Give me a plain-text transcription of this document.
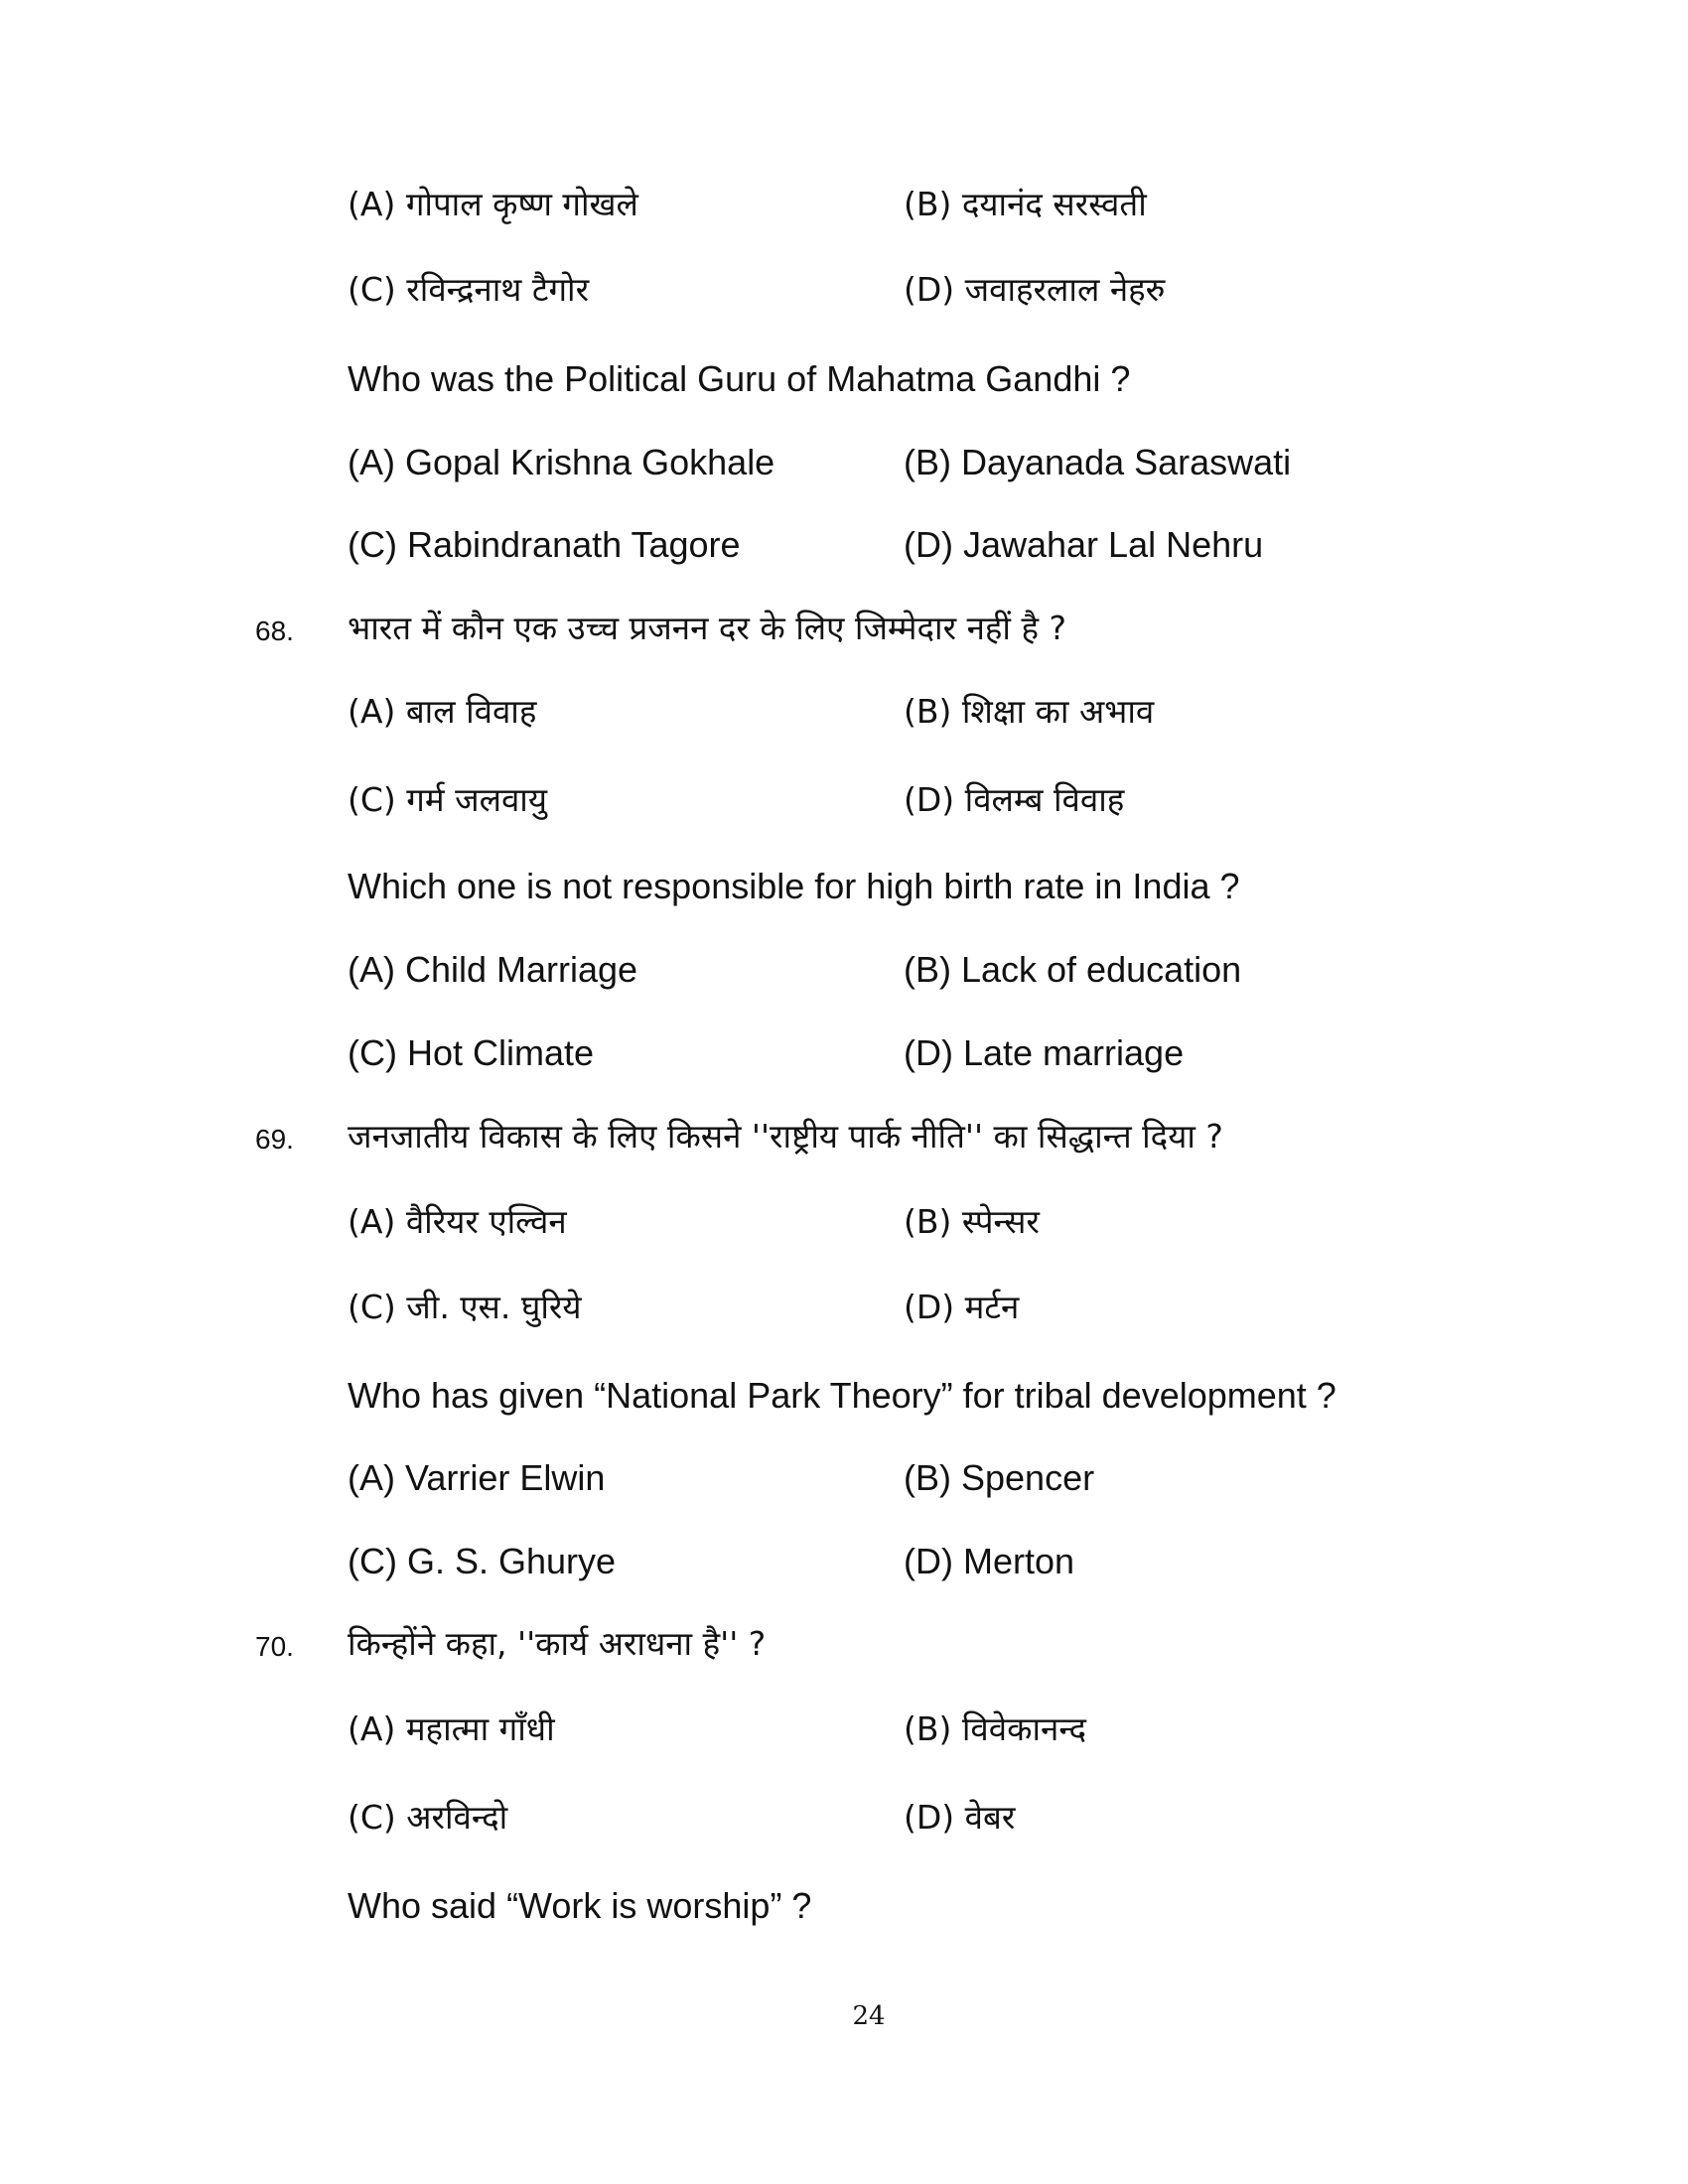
(A) गोपाल कृष्ण गोखले	(B) दयानंद सरस्वती
(C) रविन्द्रनाथ टैगोर	(D) जवाहरलाल नेहरु
Who was the Political Guru of Mahatma Gandhi ?
(A) Gopal Krishna Gokhale	(B) Dayanada Saraswati
(C) Rabindranath Tagore	(D) Jawahar Lal Nehru
68. भारत में कौन एक उच्च प्रजनन दर के लिए जिम्मेदार नहीं है ?
(A) बाल विवाह	(B) शिक्षा का अभाव
(C) गर्म जलवायु	(D) विलम्ब विवाह
Which one is not responsible for high birth rate in India ?
(A) Child Marriage	(B) Lack of education
(C) Hot Climate	(D) Late marriage
69. जनजातीय विकास के लिए किसने ''राष्ट्रीय पार्क नीति'' का सिद्धान्त दिया ?
(A) वैरियर एल्विन	(B) स्पेन्सर
(C) जी. एस. घुरिये	(D) मर्टन
Who has given “National Park Theory” for tribal development ?
(A) Varrier Elwin	(B) Spencer
(C) G. S. Ghurye	(D) Merton
70. किन्होंने कहा, ''कार्य अराधना है'' ?
(A) महात्मा गाँधी	(B) विवेकानन्द
(C) अरविन्दो	(D) वेबर
Who said “Work is worship” ?
24
